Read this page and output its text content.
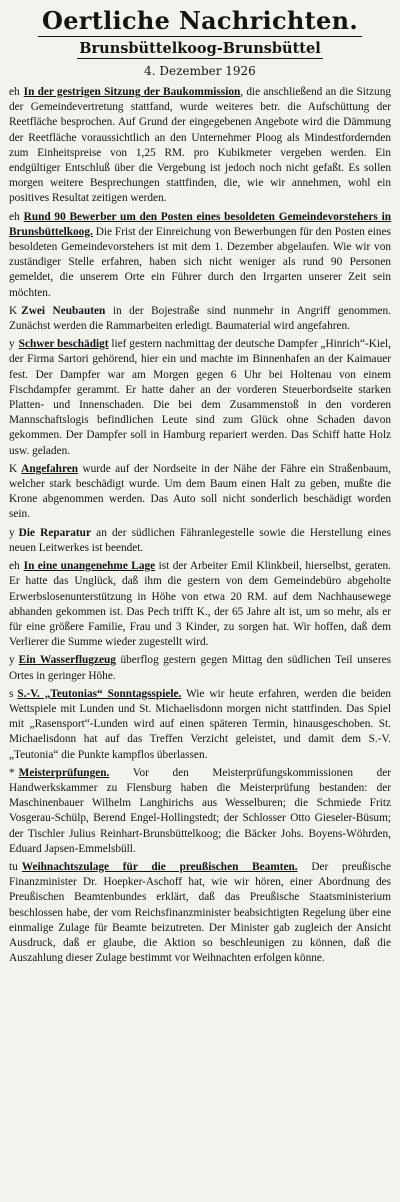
Oertliche Nachrichten.
Brunsbüttelkoog-Brunsbüttel
4. Dezember 1926

eh In der gestrigen Sitzung der Baukommission, die anschließend an die Sitzung der Gemeindevertretung stattfand, wurde weiteres betr. die Aufschüttung der Reetfläche besprochen. Auf Grund der eingegebenen Angebote wird die Dämmung der Reetfläche voraussichtlich an den Unternehmer Ploog als Mindestfordernden zum Einheitspreise von 1,25 RM. pro Kubikmeter vergeben werden. Ein endgültiger Entschluß über die Vergebung ist jedoch noch nicht gefaßt. Es sollen morgen weitere Besprechungen stattfinden, die, wie wir annehmen, wohl ein positives Resultat zeitigen werden.

eh Rund 90 Bewerber um den Posten eines besoldeten Gemeindevorstehers in Brunsbüttelkoog. Die Frist der Einreichung von Bewerbungen für den Posten eines besoldeten Gemeindevorstehers ist mit dem 1. Dezember abgelaufen. Wie wir von zuständiger Stelle erfahren, haben sich nicht weniger als rund 90 Personen gemeldet, die unserem Orte ein Führer durch den Irrgarten unserer Zeit sein möchten.

K Zwei Neubauten in der Bojestraße sind nunmehr in Angriff genommen. Zunächst werden die Rammarbeiten erledigt. Baumaterial wird angefahren.

y Schwer beschädigt lief gestern nachmittag der deutsche Dampfer „Hinrich“-Kiel, der Firma Sartori gehörend, hier ein und machte im Binnenhafen an der Kaimauer fest. Der Dampfer war am Morgen gegen 6 Uhr bei Holtenau von einem Fischdampfer gerammt. Er hatte daher an der vorderen Steuerbordseite starken Platten- und Innenschaden. Die bei dem Zusammenstoß in den vorderen Mannschaftslogis befindlichen Leute sind zum Glück ohne Schaden davon gekommen. Der Dampfer soll in Hamburg repariert werden. Das Schiff hatte Holz usw. geladen.

K Angefahren wurde auf der Nordseite in der Nähe der Fähre ein Straßenbaum, welcher stark beschädigt wurde. Um dem Baum einen Halt zu geben, mußte die Krone abgenommen werden. Das Auto soll nicht sonderlich beschädigt worden sein.

y Die Reparatur an der südlichen Fähranlegestelle sowie die Herstellung eines neuen Leitwerkes ist beendet.

eh In eine unangenehme Lage ist der Arbeiter Emil Klinkbeil, hierselbst, geraten. Er hatte das Unglück, daß ihm die gestern von dem Gemeindebüro abgeholte Erwerbslosenunterstützung in Höhe von etwa 20 RM. auf dem Nachhausewege abhanden gekommen ist. Das Pech trifft K., der 65 Jahre alt ist, um so mehr, als er für eine größere Familie, Frau und 3 Kinder, zu sorgen hat. Wir hoffen, daß dem Verlierer die Summe wieder zugestellt wird.

y Ein Wasserflugzeug überflog gestern gegen Mittag den südlichen Teil unseres Ortes in geringer Höhe.

s S.-V. „Teutonias“ Sonntagsspiele. Wie wir heute erfahren, werden die beiden Wettspiele mit Lunden und St. Michaelisdonn morgen nicht stattfinden. Das Spiel mit „Rasensport“-Lunden wird auf einen späteren Termin, hinausgeschoben. St. Michaelisdonn hat auf das Treffen Verzicht geleistet, und damit dem S.-V. „Teutonia“ die Punkte kampflos überlassen.

* Meisterprüfungen. Vor den Meisterprüfungskommissionen der Handwerkskammer zu Flensburg haben die Meisterprüfung bestanden: der Maschinenbauer Wilhelm Langhirichs aus Wesselburen; die Schmiede Fritz Vosgerau-Schülp, Berend Engel-Hollingstedt; der Schlosser Otto Gieseler-Büsum; der Tischler Julius Reinhart-Brunsbüttelkoog; die Bäcker Johs. Boyens-Wöhrden, Eduard Japsen-Emmelsbüll.

tu Weihnachtszulage für die preußischen Beamten. Der preußische Finanzminister Dr. Hoepker-Aschoff hat, wie wir hören, einer Abordnung des Preußischen Beamtenbundes erklärt, daß das Preußische Staatsministerium beschlossen habe, der vom Reichsfinanzminister beabsichtigten Regelung über eine einmalige Zulage für Beamte beizutreten. Der Minister gab zugleich der Ansicht Ausdruck, daß er glaube, die Aktion so beschleunigen zu können, daß die Auszahlung dieser Zulage bestimmt vor Weihnachten erfolgen könne.
